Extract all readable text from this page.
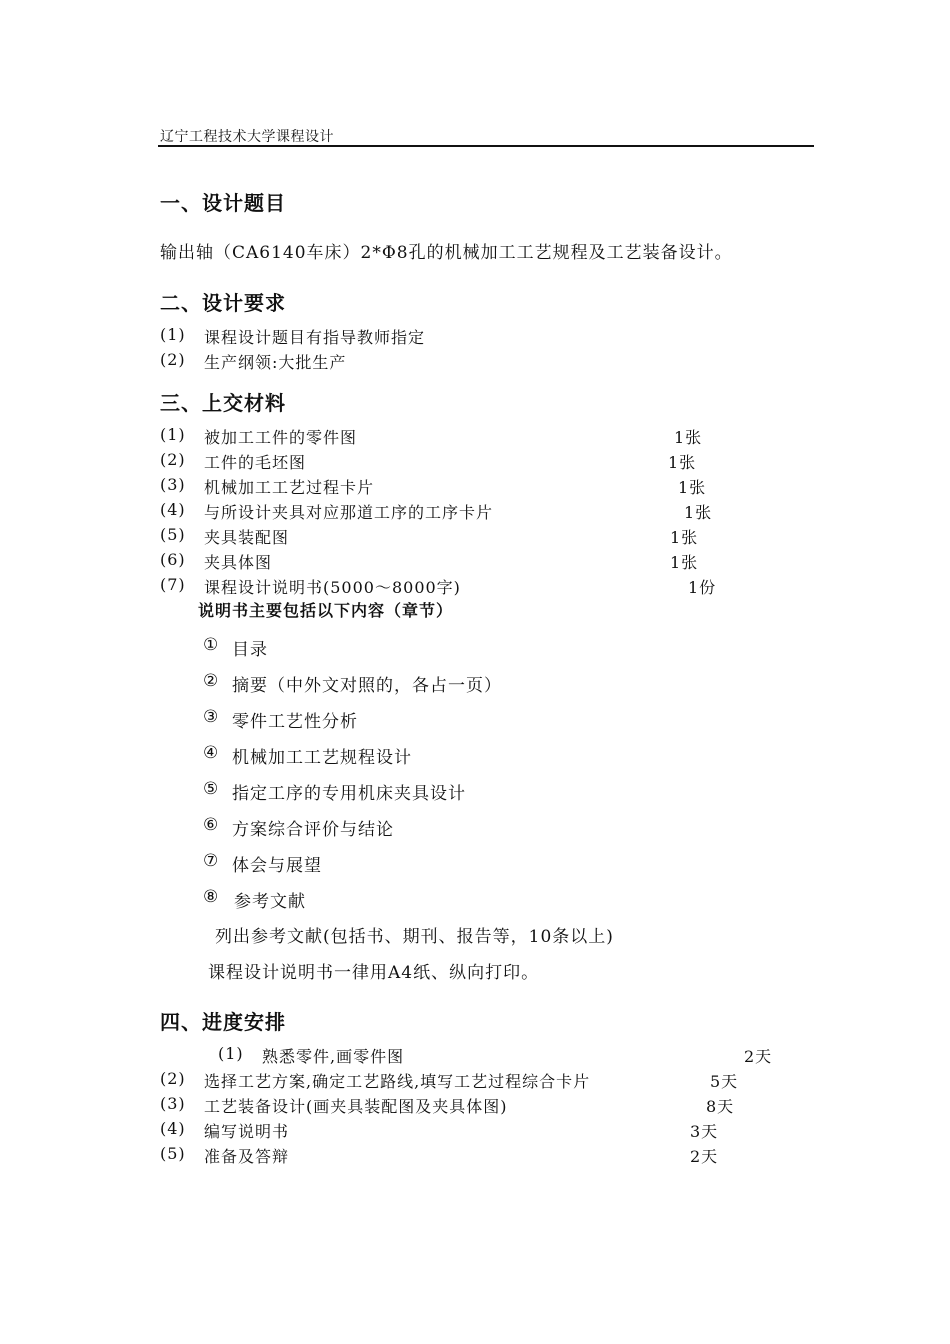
辽宁工程技术大学课程设计
一、设计题目
输出轴（CA6140车床）2*Φ8孔的机械加工工艺规程及工艺装备设计。
二、设计要求
(1) 课程设计题目有指导教师指定
(2) 生产纲领:大批生产
三、上交材料
(1) 被加工工件的零件图	1张
(2) 工件的毛坯图	1张
(3) 机械加工工艺过程卡片	1张
(4) 与所设计夹具对应那道工序的工序卡片	1张
(5) 夹具装配图	1张
(6) 夹具体图	1张
(7) 课程设计说明书(5000～8000字)	1份
说明书主要包括以下内容（章节）
① 目录
② 摘要（中外文对照的，各占一页）
③ 零件工艺性分析
④ 机械加工工艺规程设计
⑤ 指定工序的专用机床夹具设计
⑥ 方案综合评价与结论
⑦ 体会与展望
⑧ 参考文献
列出参考文献(包括书、期刊、报告等，10条以上)
课程设计说明书一律用A4纸、纵向打印。
四、进度安排
(1) 熟悉零件,画零件图	2天
(2) 选择工艺方案,确定工艺路线,填写工艺过程综合卡片	5天
(3) 工艺装备设计(画夹具装配图及夹具体图)	8天
(4) 编写说明书	3天
(5) 准备及答辩	2天
